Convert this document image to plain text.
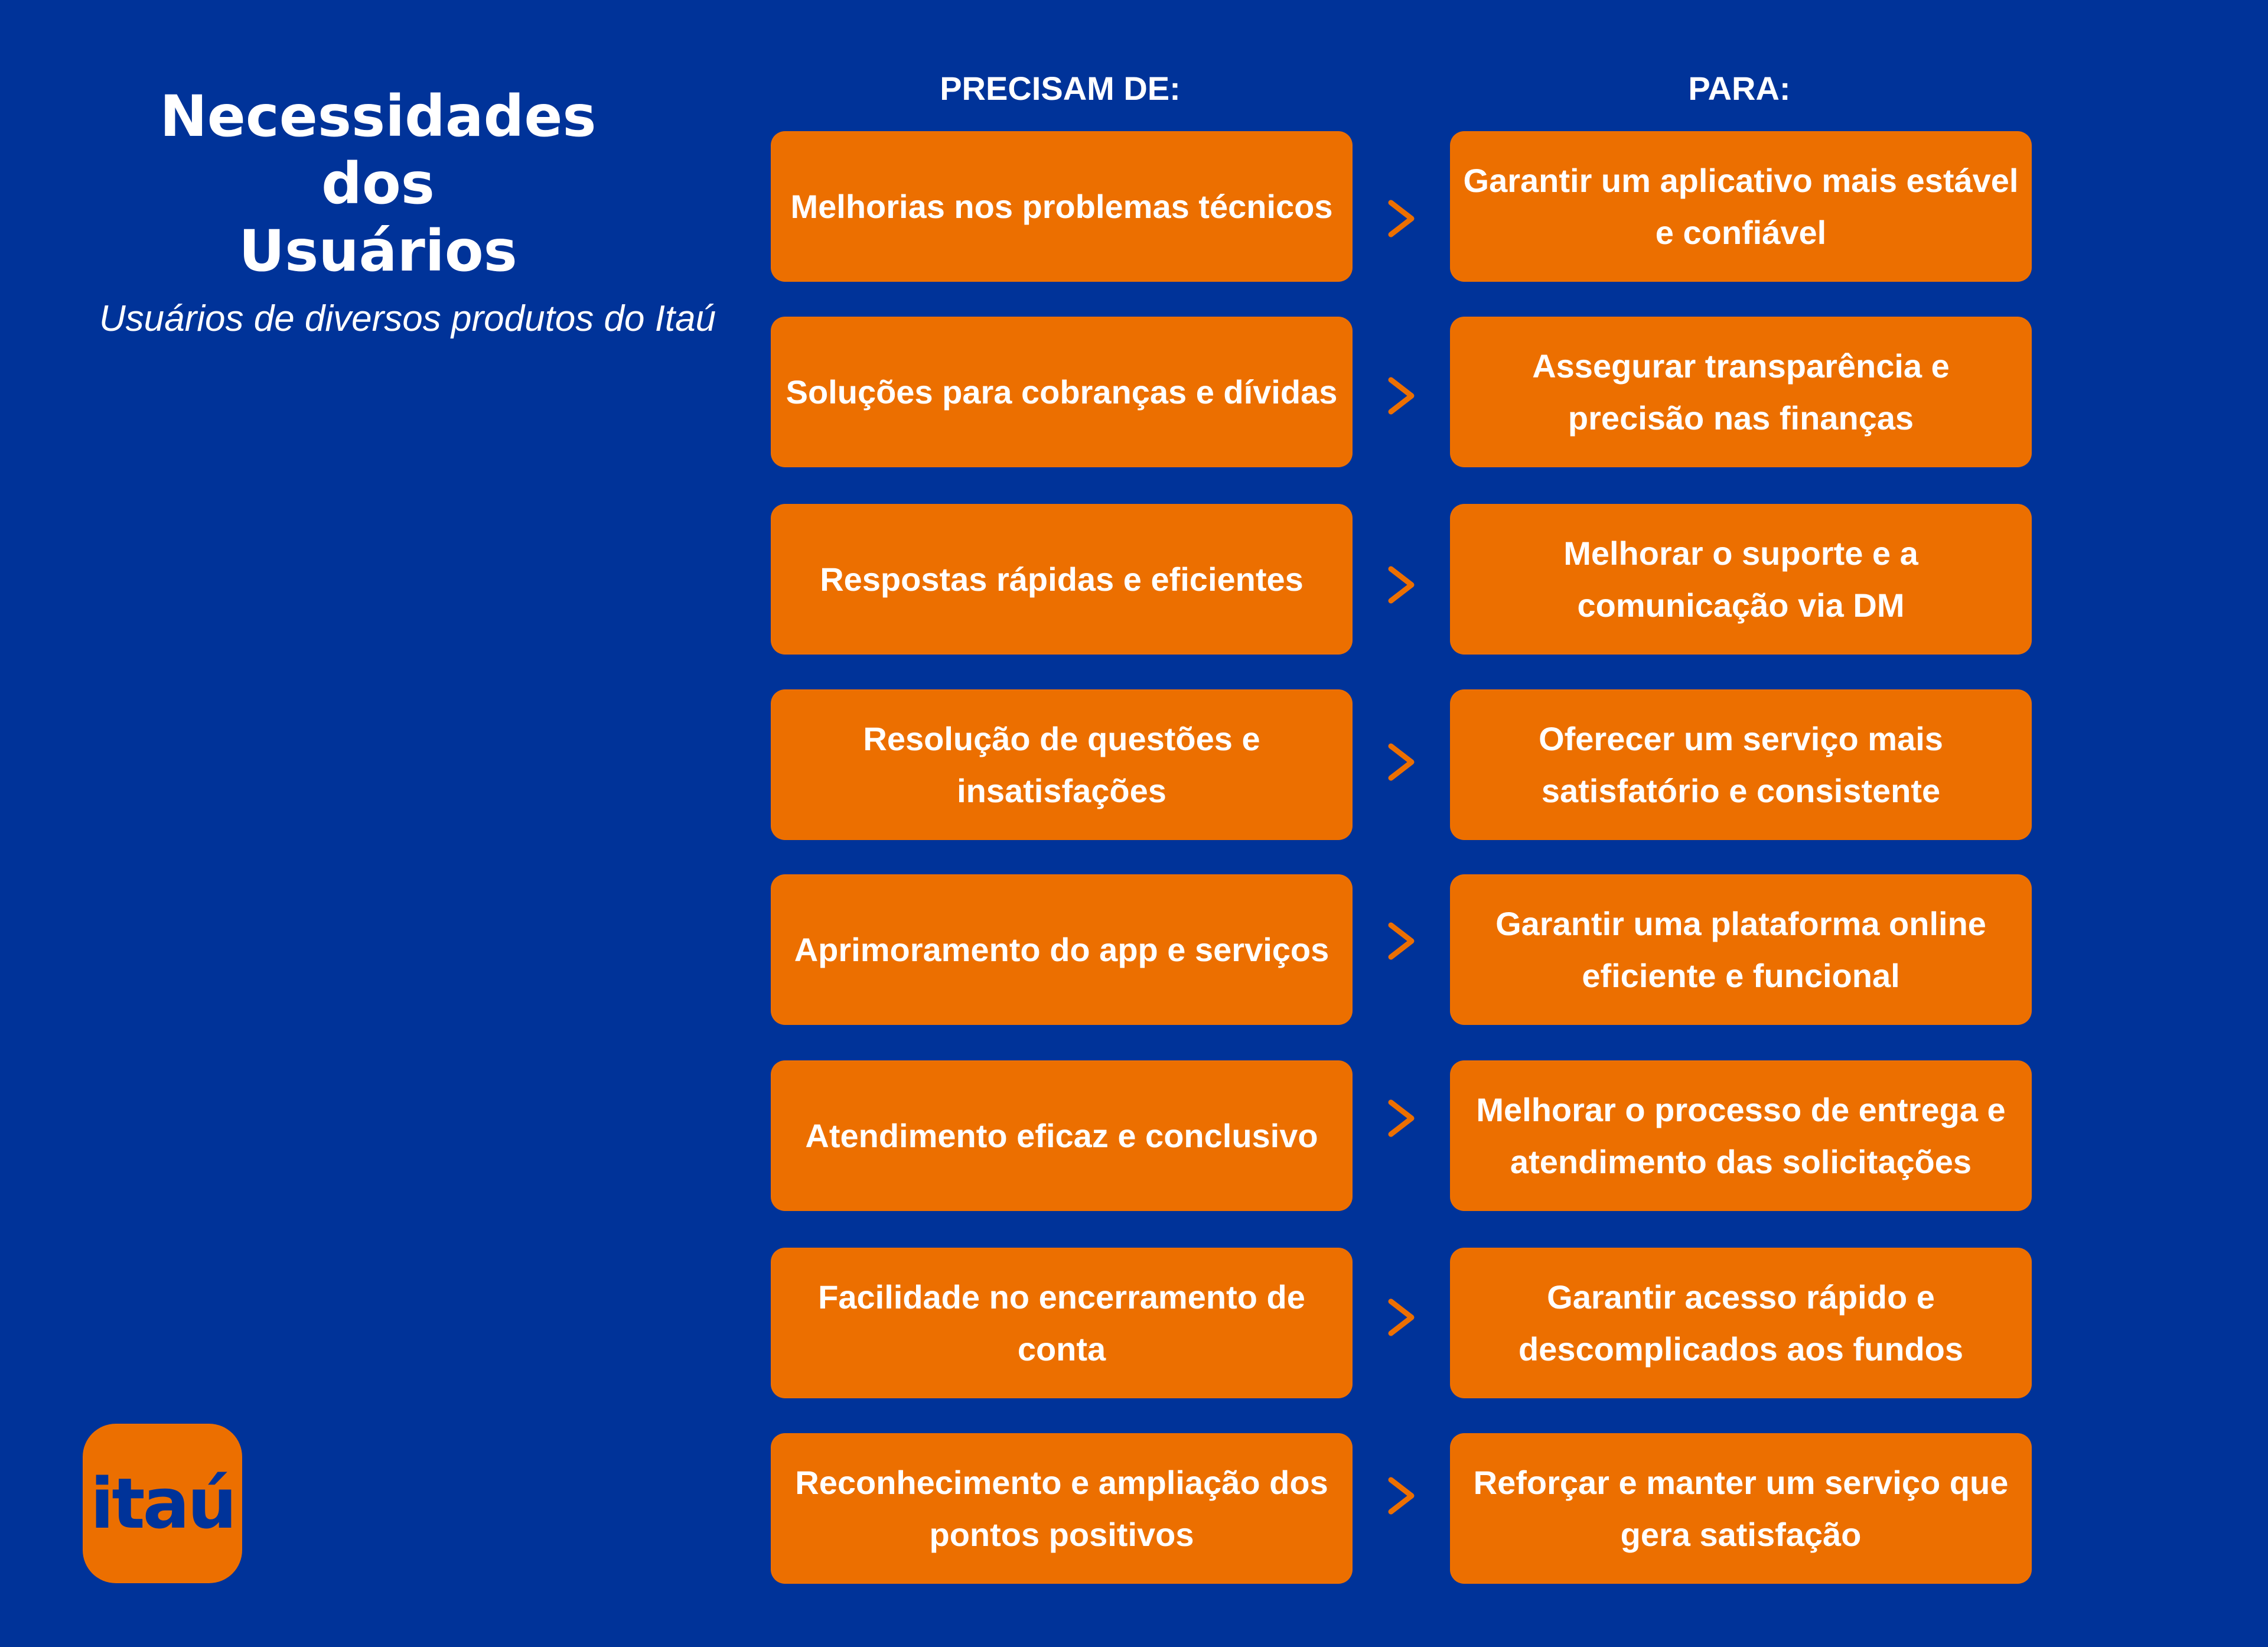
Necessidades
dos
Usuários
Usuários de diversos produtos do Itaú
PRECISAM DE:	PARA:
Melhorias nos problemas técnicos
Garantir um aplicativo mais estável e confiável
Soluções para cobranças e dívidas
Assegurar transparência e precisão nas finanças
Respostas rápidas e eficientes
Melhorar o suporte e a comunicação via DM
Resolução de questões e insatisfações
Oferecer um serviço mais satisfatório e consistente
Aprimoramento do app e serviços
Garantir uma plataforma online eficiente e funcional
Atendimento eficaz e conclusivo
Melhorar o processo de entrega e atendimento das solicitações
Facilidade no encerramento de conta
Garantir acesso rápido e descomplicados aos fundos
Reconhecimento e ampliação dos pontos positivos
Reforçar e manter um serviço que gera satisfação
itaú
